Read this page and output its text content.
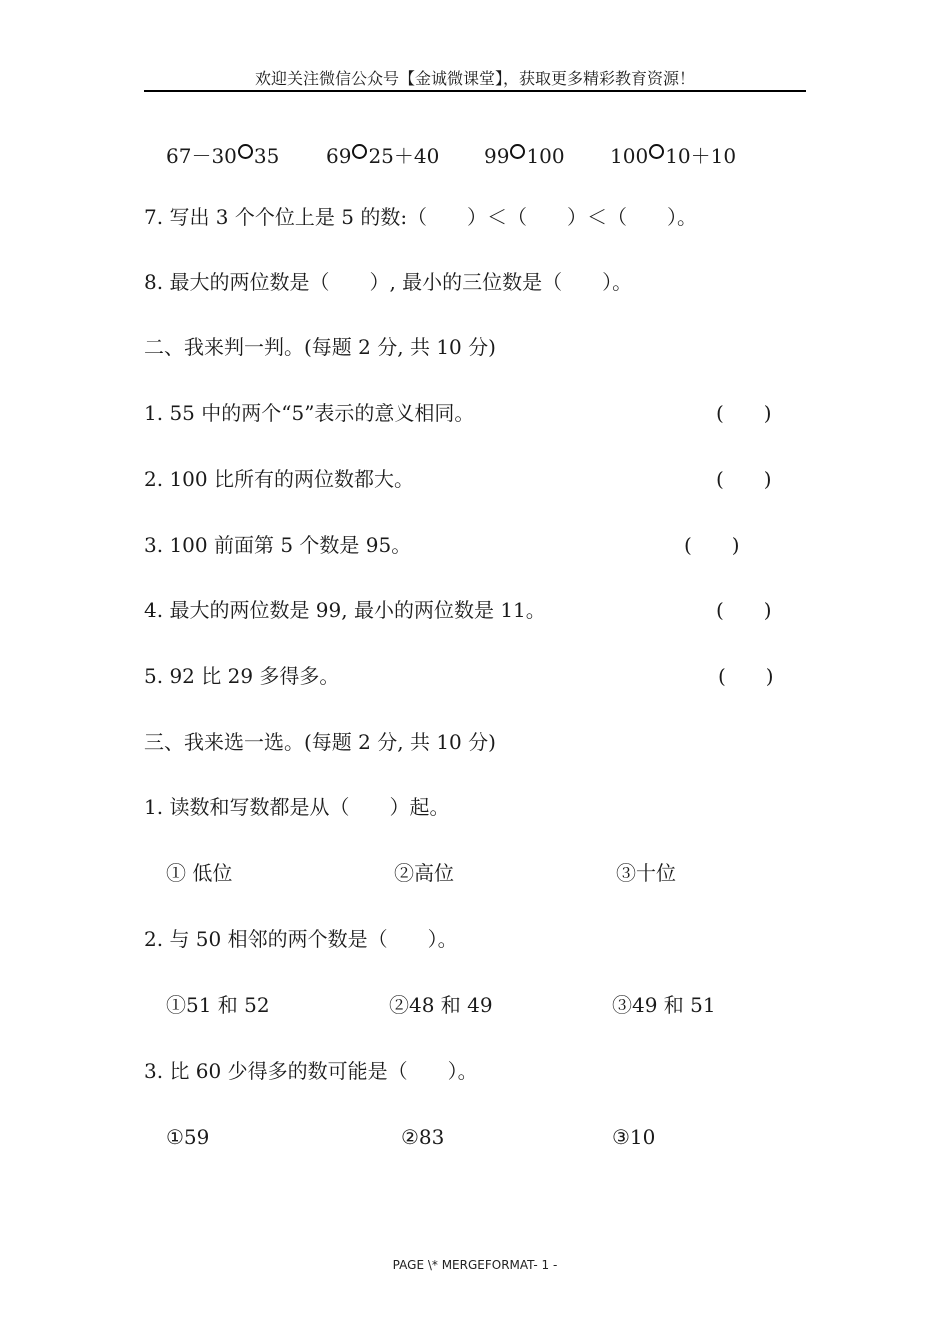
欢迎关注微信公众号【金诚微课堂】，获取更多精彩教育资源！
67－30 35 69 25＋40 99 100 100 10＋10
7. 写出 3 个个位上是 5 的数:（　　）＜（　　）＜（　　）。
8. 最大的两位数是（　　）, 最小的三位数是（　　）。
二、我来判一判。(每题 2 分, 共 10 分)
1. 55 中的两个“5”表示的意义相同。	(　　)
2. 100 比所有的两位数都大。	(　　)
3. 100 前面第 5 个数是 95。	(　　)
4. 最大的两位数是 99, 最小的两位数是 11。	(　　)
5. 92 比 29 多得多。	(　　)
三、我来选一选。(每题 2 分, 共 10 分)
1. 读数和写数都是从（　　）起。
① 低位	②高位	③十位
2. 与 50 相邻的两个数是（　　）。
①51 和 52	②48 和 49	③49 和 51
3. 比 60 少得多的数可能是（　　）。
①59	②83	③10
PAGE \* MERGEFORMAT- 1 -
